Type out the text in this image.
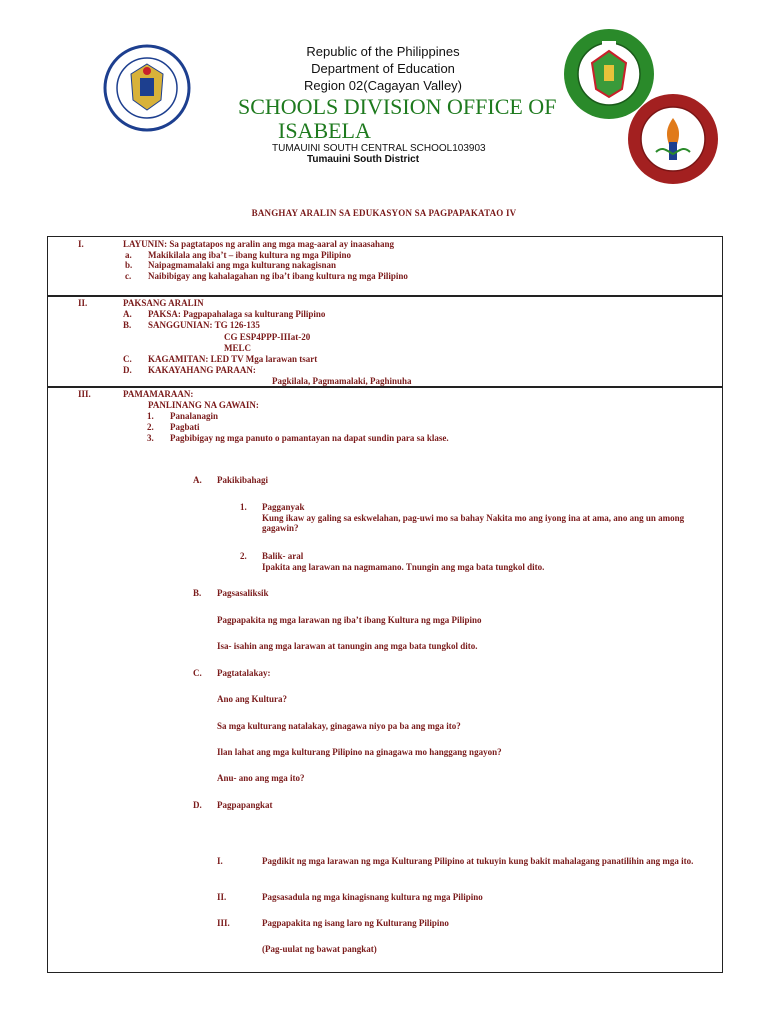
Republic of the Philippines
Department of Education
Region 02(Cagayan Valley)
SCHOOLS DIVISION OFFICE OF
ISABELA
TUMAUINI SOUTH CENTRAL SCHOOL103903
Tumauini South District
BANGHAY ARALIN SA EDUKASYON SA PAGPAPAKATAO IV
I.	LAYUNIN: Sa pagtatapos ng aralin ang mga mag-aaral ay inaasahang
a. Makikilala ang iba’t – ibang kultura ng mga Pilipino
b. Naipagmamalaki ang mga kulturang nakagisnan
c. Naibibigay ang kahalagahan ng iba’t ibang kultura ng mga Pilipino
II.	PAKSANG ARALIN
A. PAKSA: Pagpapahalaga sa kulturang Pilipino
B. SANGGUNIAN: TG 126-135
CG ESP4PPP-IIIat-20
MELC
C. KAGAMITAN: LED TV Mga larawan tsart
D. KAKAYAHANG PARAAN:
Pagkilala, Pagmamalaki, Paghinuha
III.	PAMAMARAAN:
PANLINANG NA GAWAIN:
1. Panalanagin
2. Pagbati
3. Pagbibigay ng mga panuto o pamantayan na dapat sundin para sa klase.
A. Pakikibahagi
1. Pagganyak
Kung ikaw ay galing sa eskwelahan, pag-uwi mo sa bahay Nakita mo ang iyong ina at ama, ano ang un among gagawin?
2. Balik- aral
Ipakita ang larawan na nagmamano. Tnungin ang mga bata tungkol dito.
B. Pagsasaliksik
Pagpapakita ng mga larawan ng iba’t ibang Kultura ng mga Pilipino
Isa- isahin ang mga larawan at tanungin ang mga bata tungkol dito.
C. Pagtatalakay:
Ano ang Kultura?
Sa mga kulturang natalakay, ginagawa niyo pa ba ang mga ito?
Ilan lahat ang mga kulturang Pilipino na ginagawa mo hanggang ngayon?
Anu- ano ang mga ito?
D. Pagpapangkat
I.	Pagdikit ng mga larawan ng mga Kulturang Pilipino at tukuyin kung bakit mahalagang panatilihin ang mga ito.
II.	Pagsasadula ng mga kinagisnang kultura ng mga Pilipino
III.	Pagpapakita ng isang laro ng Kulturang Pilipino
(Pag-uulat ng bawat pangkat)
